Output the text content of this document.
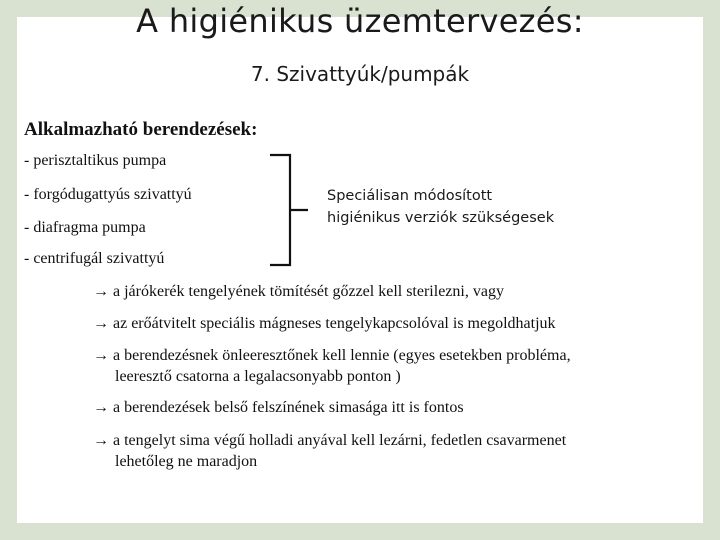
A higiénikus üzemtervezés:
7. Szivattyúk/pumpák
Alkalmazható berendezések:
- perisztaltikus pumpa
- forgódugattyús szivattyú
- diafragma pumpa
- centrifugál szivattyú
Speciálisan módosított
higiénikus verziók szükségesek
→ a járókerék tengelyének tömítését gőzzel kell sterilezni, vagy
→ az erőátvitelt speciális mágneses tengelykapcsolóval is megoldhatjuk
→ a berendezésnek önleeresztőnek kell lennie (egyes esetekben probléma,
leeresztő csatorna a legalacsonyabb ponton )
→ a berendezések belső felszínének simasága itt is fontos
→ a tengelyt sima végű holladi anyával kell lezárni, fedetlen csavarmenet
lehetőleg ne maradjon
